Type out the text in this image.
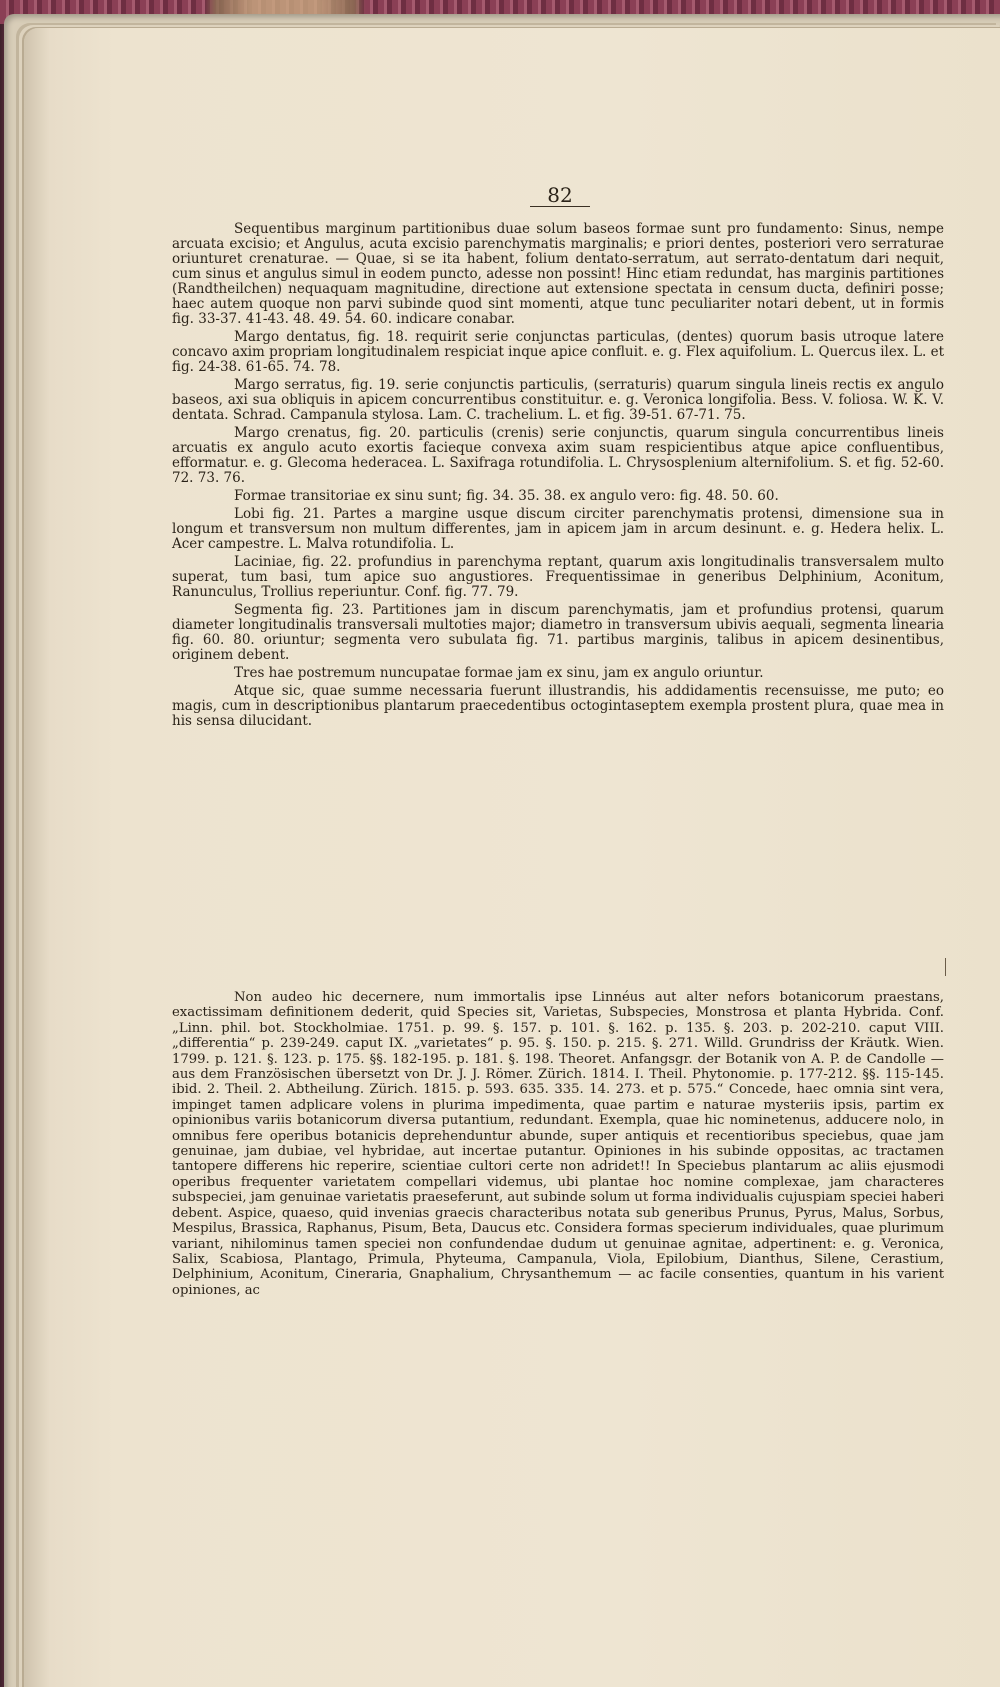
82

Sequentibus marginum partitionibus duae solum baseos formae sunt pro fundamento: Sinus, nempe arcuata excisio; et Angulus, acuta excisio parenchymatis marginalis; e priori dentes, posteriori vero serraturae oriunturet crenaturae. — Quae, si se ita habent, folium dentato-serratum, aut serrato-dentatum dari nequit, cum sinus et angulus simul in eodem puncto, adesse non possint! Hinc etiam redundat, has marginis partitiones (Randtheilchen) nequaquam magnitudine, directione aut extensione spectata in censum ducta, definiri posse; haec autem quoque non parvi subinde quod sint momenti, atque tunc peculiariter notari debent, ut in formis fig. 33-37. 41-43. 48. 49. 54. 60. indicare conabar.

Margo dentatus, fig. 18. requirit serie conjunctas particulas, (dentes) quorum basis utroque latere concavo axim propriam longitudinalem respiciat inque apice confluit. e. g. Flex aquifolium. L. Quercus ilex. L. et fig. 24-38. 61-65. 74. 78.

Margo serratus, fig. 19. serie conjunctis particulis, (serraturis) quarum singula lineis rectis ex angulo baseos, axi sua obliquis in apicem concurrentibus constituitur. e. g. Veronica longifolia. Bess. V. foliosa. W. K. V. dentata. Schrad. Campanula stylosa. Lam. C. trachelium. L. et fig. 39-51. 67-71. 75.

Margo crenatus, fig. 20. particulis (crenis) serie conjunctis, quarum singula concurrentibus lineis arcuatis ex angulo acuto exortis facieque convexa axim suam respicientibus atque apice confluentibus, efformatur. e. g. Glecoma hederacea. L. Saxifraga rotundifolia. L. Chrysosplenium alternifolium. S. et fig. 52-60. 72. 73. 76.

Formae transitoriae ex sinu sunt; fig. 34. 35. 38. ex angulo vero: fig. 48. 50. 60.

Lobi fig. 21. Partes a margine usque discum circiter parenchymatis protensi, dimensione sua in longum et transversum non multum differentes, jam in apicem jam in arcum desinunt. e. g. Hedera helix. L. Acer campestre. L. Malva rotundifolia. L.

Laciniae, fig. 22. profundius in parenchyma reptant, quarum axis longitudinalis transversalem multo superat, tum basi, tum apice suo angustiores. Frequentissimae in generibus Delphinium, Aconitum, Ranunculus, Trollius reperiuntur. Conf. fig. 77. 79.

Segmenta fig. 23. Partitiones jam in discum parenchymatis, jam et profundius protensi, quarum diameter longitudinalis transversali multoties major; diametro in transversum ubivis aequali, segmenta linearia fig. 60. 80. oriuntur; segmenta vero subulata fig. 71. partibus marginis, talibus in apicem desinentibus, originem debent.

Tres hae postremum nuncupatae formae jam ex sinu, jam ex angulo oriuntur.

Atque sic, quae summe necessaria fuerunt illustrandis, his addidamentis recensuisse, me puto; eo magis, cum in descriptionibus plantarum praecedentibus octogintaseptem exempla prostent plura, quae mea in his sensa dilucidant.

Non audeo hic decernere, num immortalis ipse Linnéus aut alter nefors botanicorum praestans, exactissimam definitionem dederit, quid Species sit, Varietas, Subspecies, Monstrosa et planta Hybrida. Conf. „Linn. phil. bot. Stockholmiae. 1751. p. 99. §. 157. p. 101. §. 162. p. 135. §. 203. p. 202-210. caput VIII. „differentia“ p. 239-249. caput IX. „varietates“ p. 95. §. 150. p. 215. §. 271. Willd. Grundriss der Kräutk. Wien. 1799. p. 121. §. 123. p. 175. §§. 182-195. p. 181. §. 198. Theoret. Anfangsgr. der Botanik von A. P. de Candolle — aus dem Französischen übersetzt von Dr. J. J. Römer. Zürich. 1814. I. Theil. Phytonomie. p. 177-212. §§. 115-145. ibid. 2. Theil. 2. Abtheilung. Zürich. 1815. p. 593. 635. 335. 14. 273. et p. 575.“ Concede, haec omnia sint vera, impinget tamen adplicare volens in plurima impedimenta, quae partim e naturae mysteriis ipsis, partim ex opinionibus variis botanicorum diversa putantium, redundant. Exempla, quae hic nominetenus, adducere nolo, in omnibus fere operibus botanicis deprehenduntur abunde, super antiquis et recentioribus speciebus, quae jam genuinae, jam dubiae, vel hybridae, aut incertae putantur. Opiniones in his subinde oppositas, ac tractamen tantopere differens hic reperire, scientiae cultori certe non adridet!! In Speciebus plantarum ac aliis ejusmodi operibus frequenter varietatem compellari videmus, ubi plantae hoc nomine complexae, jam characteres subspeciei, jam genuinae varietatis praeseferunt, aut subinde solum ut forma individualis cujuspiam speciei haberi debent. Aspice, quaeso, quid invenias graecis characteribus notata sub generibus Prunus, Pyrus, Malus, Sorbus, Mespilus, Brassica, Raphanus, Pisum, Beta, Daucus etc. Considera formas specierum individuales, quae plurimum variant, nihilominus tamen speciei non confundendae dudum ut genuinae agnitae, adpertinent: e. g. Veronica, Salix, Scabiosa, Plantago, Primula, Phyteuma, Campanula, Viola, Epilobium, Dianthus, Silene, Cerastium, Delphinium, Aconitum, Cineraria, Gnaphalium, Chrysanthemum — ac facile consenties, quantum in his varient opiniones, ac
